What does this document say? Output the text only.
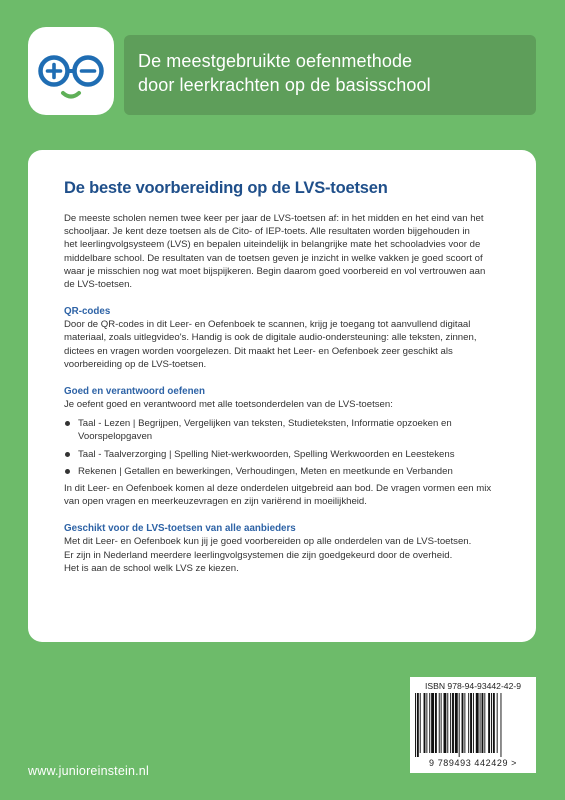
De meestgebruikte oefenmethode

door leerkrachten op de basisschool

De beste voorbereiding op de LVS-toetsen
De meeste scholen nemen twee keer per jaar de LVS-toetsen af: in het midden en het eind van het
schooljaar. Je kent deze toetsen als de Cito- of IEP-toets. Alle resultaten worden bijgehouden in
het leerlingvolgsysteem (LVS) en bepalen uiteindelijk in belangrijke mate het schooladvies voor de
middelbare school. De resultaten van de toetsen geven je inzicht in welke vakken je goed scoort of
waar je misschien nog wat moet bijspijkeren. Begin daarom goed voorbereid en vol vertrouwen aan
de LVS-toetsen.
QR-codes
Door de QR-codes in dit Leer- en Oefenboek te scannen, krijg je toegang tot aanvullend digitaal
materiaal, zoals uitlegvideo's. Handig is ook de digitale audio-ondersteuning: alle teksten, zinnen,
dictees en vragen worden voorgelezen. Dit maakt het Leer- en Oefenboek zeer geschikt als
voorbereiding op de LVS-toetsen.
Goed en verantwoord oefenen
Je oefent goed en verantwoord met alle toetsonderdelen van de LVS-toetsen:
Taal - Lezen | Begrijpen, Vergelijken van teksten, Studieteksten, Informatie opzoeken en
Voorspelopgaven
Taal - Taalverzorging | Spelling Niet-werkwoorden, Spelling Werkwoorden en Leestekens
Rekenen | Getallen en bewerkingen, Verhoudingen, Meten en meetkunde en Verbanden
In dit Leer- en Oefenboek komen al deze onderdelen uitgebreid aan bod. De vragen vormen een mix
van open vragen en meerkeuzevragen en zijn variërend in moeilijkheid.
Geschikt voor de LVS-toetsen van alle aanbieders
Met dit Leer- en Oefenboek kun jij je goed voorbereiden op alle onderdelen van de LVS-toetsen.
Er zijn in Nederland meerdere leerlingvolgsystemen die zijn goedgekeurd door de overheid.
Het is aan de school welk LVS ze kiezen.
ISBN 978-94-93442-42-9
9 789493 442429 >
www.junioreinstein.nl
